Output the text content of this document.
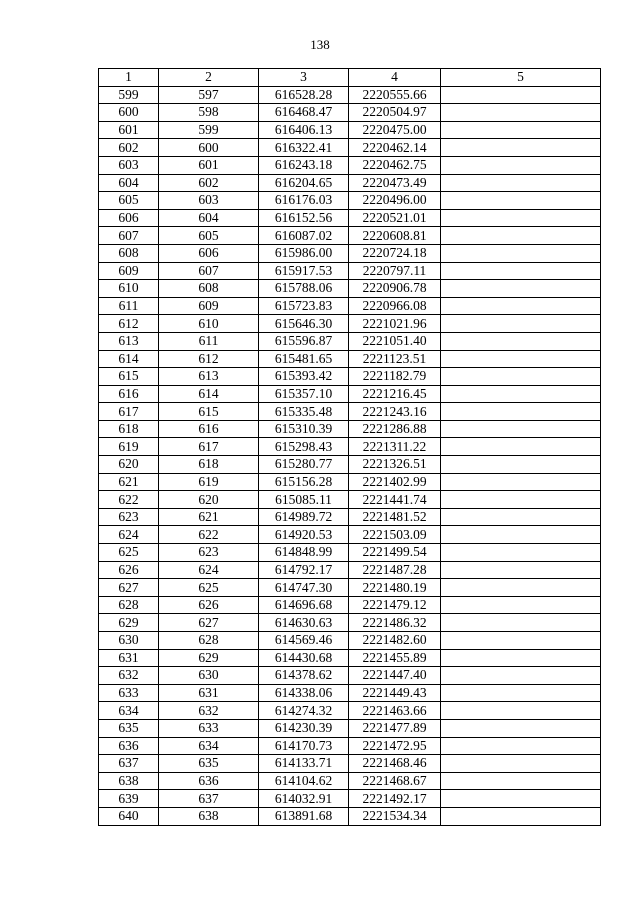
138
1	2	3	4	5
599	597	616528.28	2220555.66	
600	598	616468.47	2220504.97	
601	599	616406.13	2220475.00	
602	600	616322.41	2220462.14	
603	601	616243.18	2220462.75	
604	602	616204.65	2220473.49	
605	603	616176.03	2220496.00	
606	604	616152.56	2220521.01	
607	605	616087.02	2220608.81	
608	606	615986.00	2220724.18	
609	607	615917.53	2220797.11	
610	608	615788.06	2220906.78	
611	609	615723.83	2220966.08	
612	610	615646.30	2221021.96	
613	611	615596.87	2221051.40	
614	612	615481.65	2221123.51	
615	613	615393.42	2221182.79	
616	614	615357.10	2221216.45	
617	615	615335.48	2221243.16	
618	616	615310.39	2221286.88	
619	617	615298.43	2221311.22	
620	618	615280.77	2221326.51	
621	619	615156.28	2221402.99	
622	620	615085.11	2221441.74	
623	621	614989.72	2221481.52	
624	622	614920.53	2221503.09	
625	623	614848.99	2221499.54	
626	624	614792.17	2221487.28	
627	625	614747.30	2221480.19	
628	626	614696.68	2221479.12	
629	627	614630.63	2221486.32	
630	628	614569.46	2221482.60	
631	629	614430.68	2221455.89	
632	630	614378.62	2221447.40	
633	631	614338.06	2221449.43	
634	632	614274.32	2221463.66	
635	633	614230.39	2221477.89	
636	634	614170.73	2221472.95	
637	635	614133.71	2221468.46	
638	636	614104.62	2221468.67	
639	637	614032.91	2221492.17	
640	638	613891.68	2221534.34	
